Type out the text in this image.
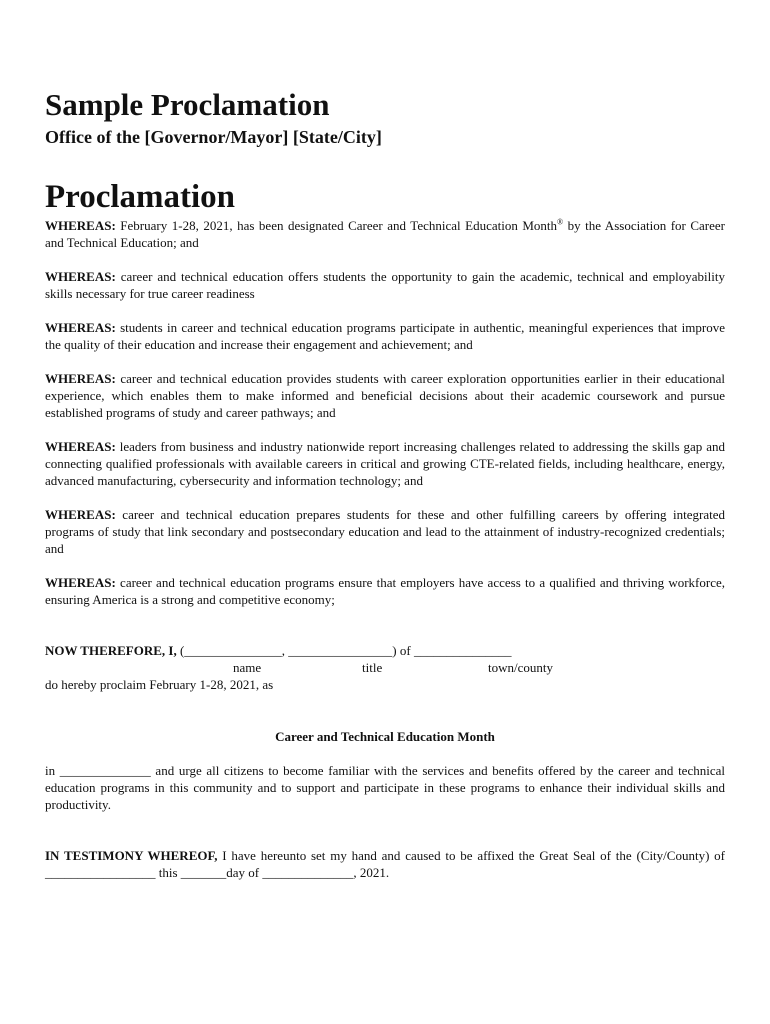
Sample Proclamation
Office of the [Governor/Mayor] [State/City]
Proclamation

WHEREAS: February 1-28, 2021, has been designated Career and Technical Education Month® by the Association for Career and Technical Education; and

WHEREAS: career and technical education offers students the opportunity to gain the academic, technical and employability skills necessary for true career readiness

WHEREAS: students in career and technical education programs participate in authentic, meaningful experiences that improve the quality of their education and increase their engagement and achievement; and

WHEREAS: career and technical education provides students with career exploration opportunities earlier in their educational experience, which enables them to make informed and beneficial decisions about their academic coursework and pursue established programs of study and career pathways; and

WHEREAS: leaders from business and industry nationwide report increasing challenges related to addressing the skills gap and connecting qualified professionals with available careers in critical and growing CTE-related fields, including healthcare, energy, advanced manufacturing, cybersecurity and information technology; and

WHEREAS: career and technical education prepares students for these and other fulfilling careers by offering integrated programs of study that link secondary and postsecondary education and lead to the attainment of industry-recognized credentials; and

WHEREAS: career and technical education programs ensure that employers have access to a qualified and thriving workforce, ensuring America is a strong and competitive economy;

NOW THEREFORE, I, (_______________, ________________) of _______________
name	title	town/county
do hereby proclaim February 1-28, 2021, as
Career and Technical Education Month

in ______________ and urge all citizens to become familiar with the services and benefits offered by the career and technical education programs in this community and to support and participate in these programs to enhance their individual skills and productivity.

IN TESTIMONY WHEREOF, I have hereunto set my hand and caused to be affixed the Great Seal of the (City/County) of _________________ this _______day of ______________, 2021.
